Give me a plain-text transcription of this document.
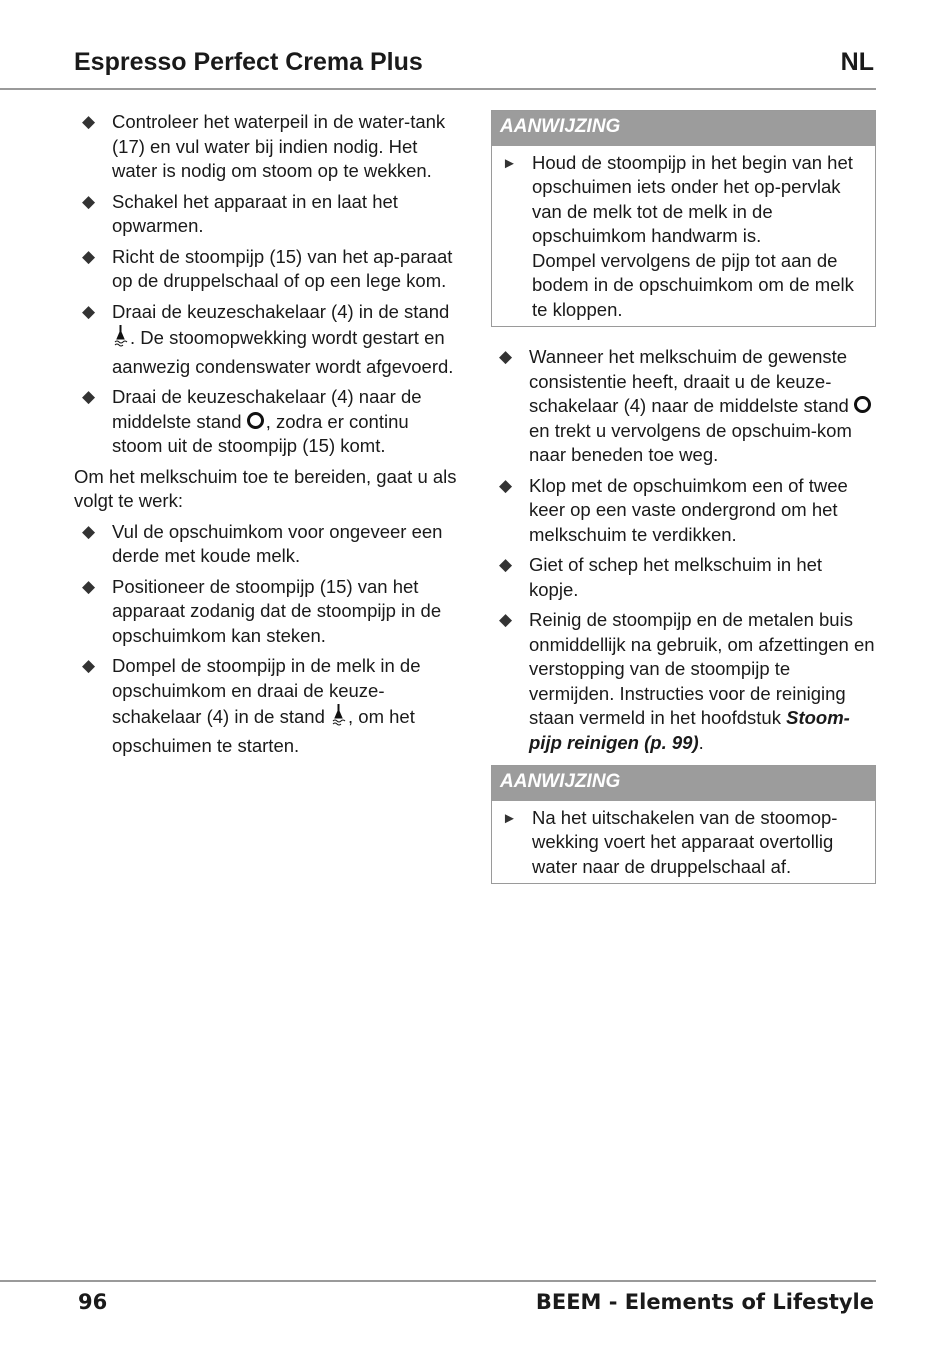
Espresso Perfect Crema Plus	NL
◆ Controleer het waterpeil in de water-tank (17) en vul water bij indien nodig. Het water is nodig om stoom op te wekken.
◆ Schakel het apparaat in en laat het opwarmen.
◆ Richt de stoompijp (15) van het ap-paraat op de druppelschaal of op een lege kom.
◆ Draai de keuzeschakelaar (4) in de stand . De stoomopwekking wordt gestart en aanwezig condenswater wordt afgevoerd.
◆ Draai de keuzeschakelaar (4) naar de middelste stand , zodra er continu stoom uit de stoompijp (15) komt.

Om het melkschuim toe te bereiden, gaat u als volgt te werk:

◆ Vul de opschuimkom voor ongeveer een derde met koude melk.
◆ Positioneer de stoompijp (15) van het apparaat zodanig dat de stoompijp in de opschuimkom kan steken.
◆ Dompel de stoompijp in de melk in de opschuimkom en draai de keuze-schakelaar (4) in de stand , om het opschuimen te starten.
AANWIJZING
► Houd de stoompijp in het begin van het opschuimen iets onder het op-pervlak van de melk tot de melk in de opschuimkom handwarm is.
Dompel vervolgens de pijp tot aan de bodem in de opschuimkom om de melk te kloppen.
◆ Wanneer het melkschuim de gewenste consistentie heeft, draait u de keuze-schakelaar (4) naar de middelste stand  en trekt u vervolgens de opschuim-kom naar beneden toe weg.
◆ Klop met de opschuimkom een of twee keer op een vaste ondergrond om het melkschuim te verdikken.
◆ Giet of schep het melkschuim in het kopje.
◆ Reinig de stoompijp en de metalen buis onmiddellijk na gebruik, om afzettingen en verstopping van de stoompijp te vermijden. Instructies voor de reiniging staan vermeld in het hoofdstuk Stoom-pijp reinigen (p. 99).
AANWIJZING
► Na het uitschakelen van de stoomop-wekking voert het apparaat overtollig water naar de druppelschaal af.
96	BEEM - Elements of Lifestyle
